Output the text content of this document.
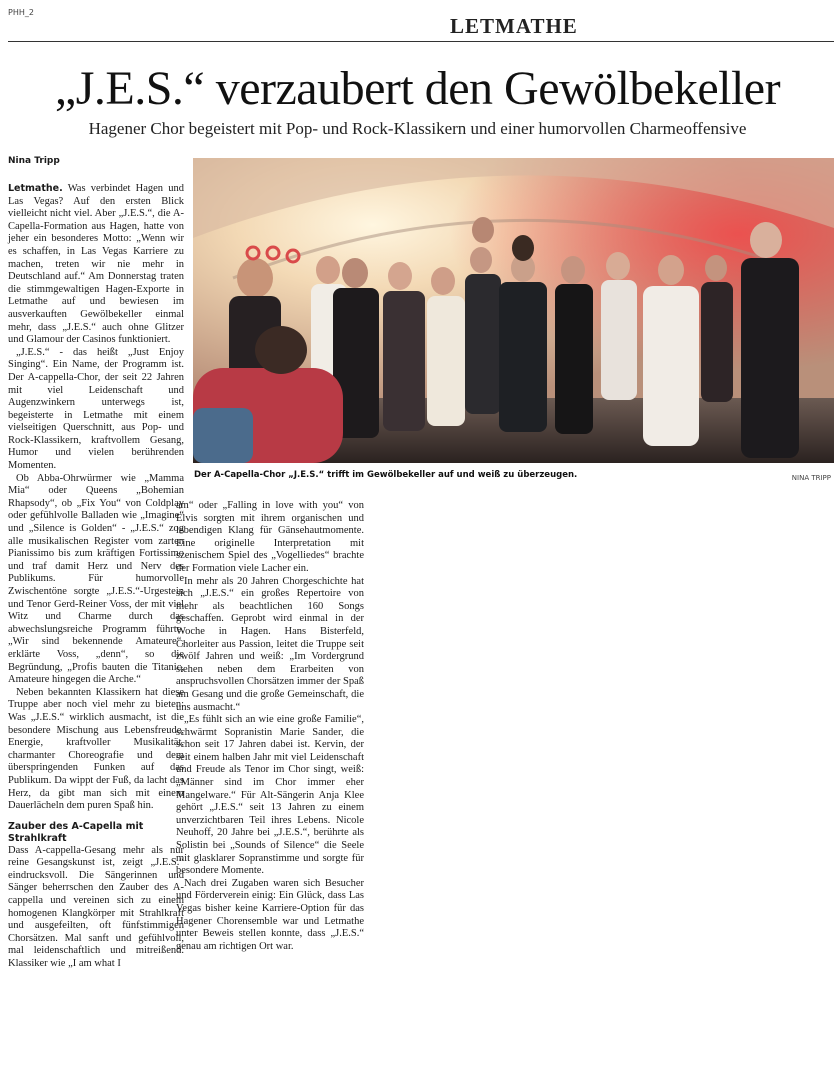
PHH_2
LETMATHE
„J.E.S.“ verzaubert den Gewölbekeller
Hagener Chor begeistert mit Pop- und Rock-Klassikern und einer humorvollen Charmeoffensive
Nina Tripp

Letmathe. Was verbindet Hagen und Las Vegas? Auf den ersten Blick vielleicht nicht viel. Aber „J.E.S.“, die A-Capella-Formation aus Hagen, hatte von jeher ein besonderes Motto: „Wenn wir es schaffen, in Las Vegas Karriere zu machen, treten wir nie mehr in Deutschland auf.“ Am Donnerstag traten die stimmgewaltigen Hagen-Exporte in Letmathe auf und bewiesen im ausverkauften Gewölbekeller einmal mehr, dass „J.E.S.“ auch ohne Glitzer und Glamour der Casinos funktioniert.

„J.E.S.“ - das heißt „Just Enjoy Singing“. Ein Name, der Programm ist. Der A-cappella-Chor, der seit 22 Jahren mit viel Leidenschaft und Augenzwinkern unterwegs ist, begeisterte in Letmathe mit einem vielseitigen Querschnitt, aus Pop- und Rock-Klassikern, kraftvollem Gesang, Humor und vielen berührenden Momenten.

Ob Abba-Ohrwürmer wie „Mamma Mia“ oder Queens „Bohemian Rhapsody“, ob „Fix You“ von Coldplay oder gefühlvolle Balladen wie „Imagine“ und „Silence is Golden“ - „J.E.S.“ zog alle musikalischen Register vom zarten Pianissimo bis zum kräftigen Fortissimo und traf damit Herz und Nerv des Publikums. Für humorvolle Zwischentöne sorgte „J.E.S.“-Urgestein und Tenor Gerd-Reiner Voss, der mit viel Witz und Charme durch das abwechslungsreiche Programm führte. „Wir sind bekennende Amateure“, erklärte Voss, „denn“, so die Begründung, „Profis bauten die Titanic, Amateure hingegen die Arche.“

Neben bekannten Klassikern hat diese Truppe aber noch viel mehr zu bieten: Was „J.E.S.“ wirklich ausmacht, ist die besondere Mischung aus Lebensfreude, Energie, kraftvoller Musikalität, charmanter Choreografie und dem überspringenden Funken auf das Publikum. Da wippt der Fuß, da lacht das Herz, da gibt man sich mit einem Dauerlächeln dem puren Spaß hin.

Zauber des A-Capella mit Strahlkraft

Dass A-cappella-Gesang mehr als nur reine Gesangskunst ist, zeigt „J.E.S.“ eindrucksvoll. Die Sängerinnen und Sänger beherrschen den Zauber des A-cappella und vereinen sich zu einem homogenen Klangkörper mit Strahlkraft und ausgefeilten, oft fünfstimmigen Chorsätzen. Mal sanft und gefühlvoll, mal leidenschaftlich und mitreißend. Klassiker wie „I am what I

Der A-Capella-Chor „J.E.S.“ trifft im Gewölbekeller auf und weiß zu überzeugen.	NINA TRIPP

am“ oder „Falling in love with you“ von Elvis sorgten mit ihrem organischen und lebendigen Klang für Gänsehautmomente. Eine originelle Interpretation mit szenischem Spiel des „Vogelliedes“ brachte der Formation viele Lacher ein.

In mehr als 20 Jahren Chorgeschichte hat sich „J.E.S.“ ein großes Repertoire von mehr als beachtlichen 160 Songs geschaffen. Geprobt wird einmal in der Woche in Hagen. Hans Bisterfeld, Chorleiter aus Passion, leitet die Truppe seit zwölf Jahren und weiß: „Im Vordergrund stehen neben dem Erarbeiten von anspruchsvollen Chorsätzen immer der Spaß am Gesang und die große Gemeinschaft, die uns ausmacht.“

„Es fühlt sich an wie eine große Familie“, schwärmt Sopranistin Marie Sander, die schon seit 17 Jahren dabei ist. Kervin, der seit einem halben Jahr mit viel Leidenschaft und Freude als Tenor im Chor singt, weiß: „Männer sind im Chor immer eher Mangelware.“ Für Alt-Sängerin Anja Klee gehört „J.E.S.“ seit 13 Jahren zu einem unverzichtbaren Teil ihres Lebens. Nicole Neuhoff, 20 Jahre bei „J.E.S.“, berührte als Solistin bei „Sounds of Silence“ die Seele mit glasklarer Sopranstimme und sorgte für besondere Momente.

Nach drei Zugaben waren sich Besucher und Förderverein einig: Ein Glück, dass Las Vegas bisher keine Karriere-Option für das Hagener Chorensemble war und Letmathe unter Beweis stellen konnte, dass „J.E.S.“ genau am richtigen Ort war.
